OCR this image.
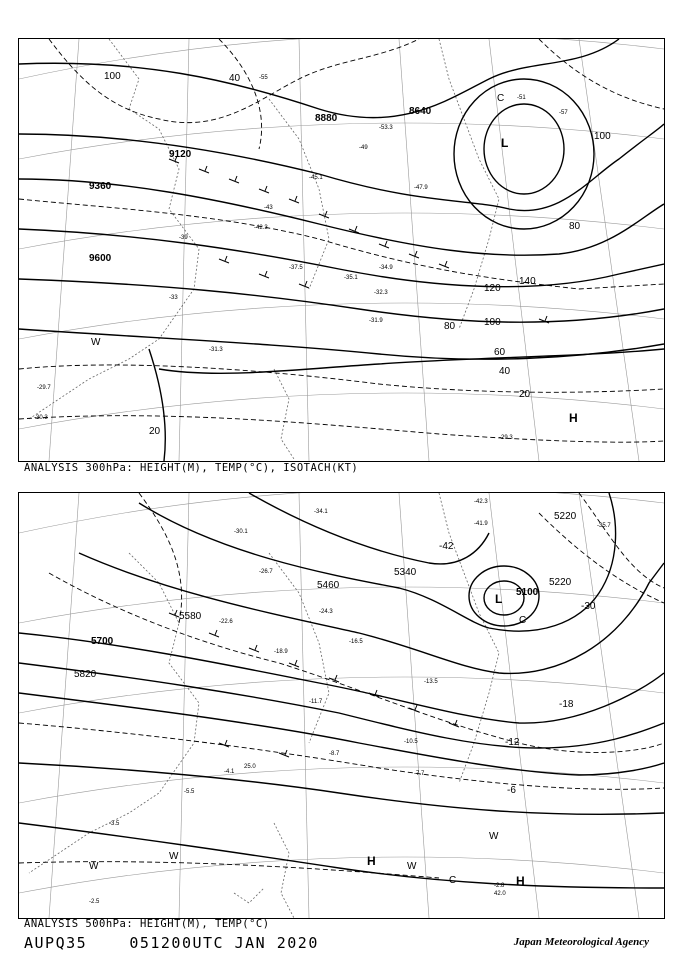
8640
9120
9360
9600
8880
20
20
40
60
80	100
120
140
100	40
100
80
L
H
C
W
-51
-55
-57
-49
-53.3
-47.9
-45.1
-43
-42.3
-39
-37.5
-35.1
-34.9
-33
-32.3
-31.9
-31.3
-30.3
-29.7
-29.3
ANALYSIS 300hPa: HEIGHT(M), TEMP(°C), ISOTACH(KT)
5100
5220
5220
5340
5460
5580
5700
5820
-42
-30
-18
-12
-6
L
H
H
C
C
W
W	W
W
-42.3
-41.9	-35.7
-34.1
-30.1
-26.7
-24.3
-22.6
-18.9
-16.5
-13.5
-11.7
-10.5
-8.7
-7.7
-5.5
-4.1
-3.5
-2.8
-2.5
25.0
42.0
ANALYSIS 500hPa: HEIGHT(M), TEMP(°C)
AUPQ35	051200UTC JAN 2020	Japan Meteorological Agency
